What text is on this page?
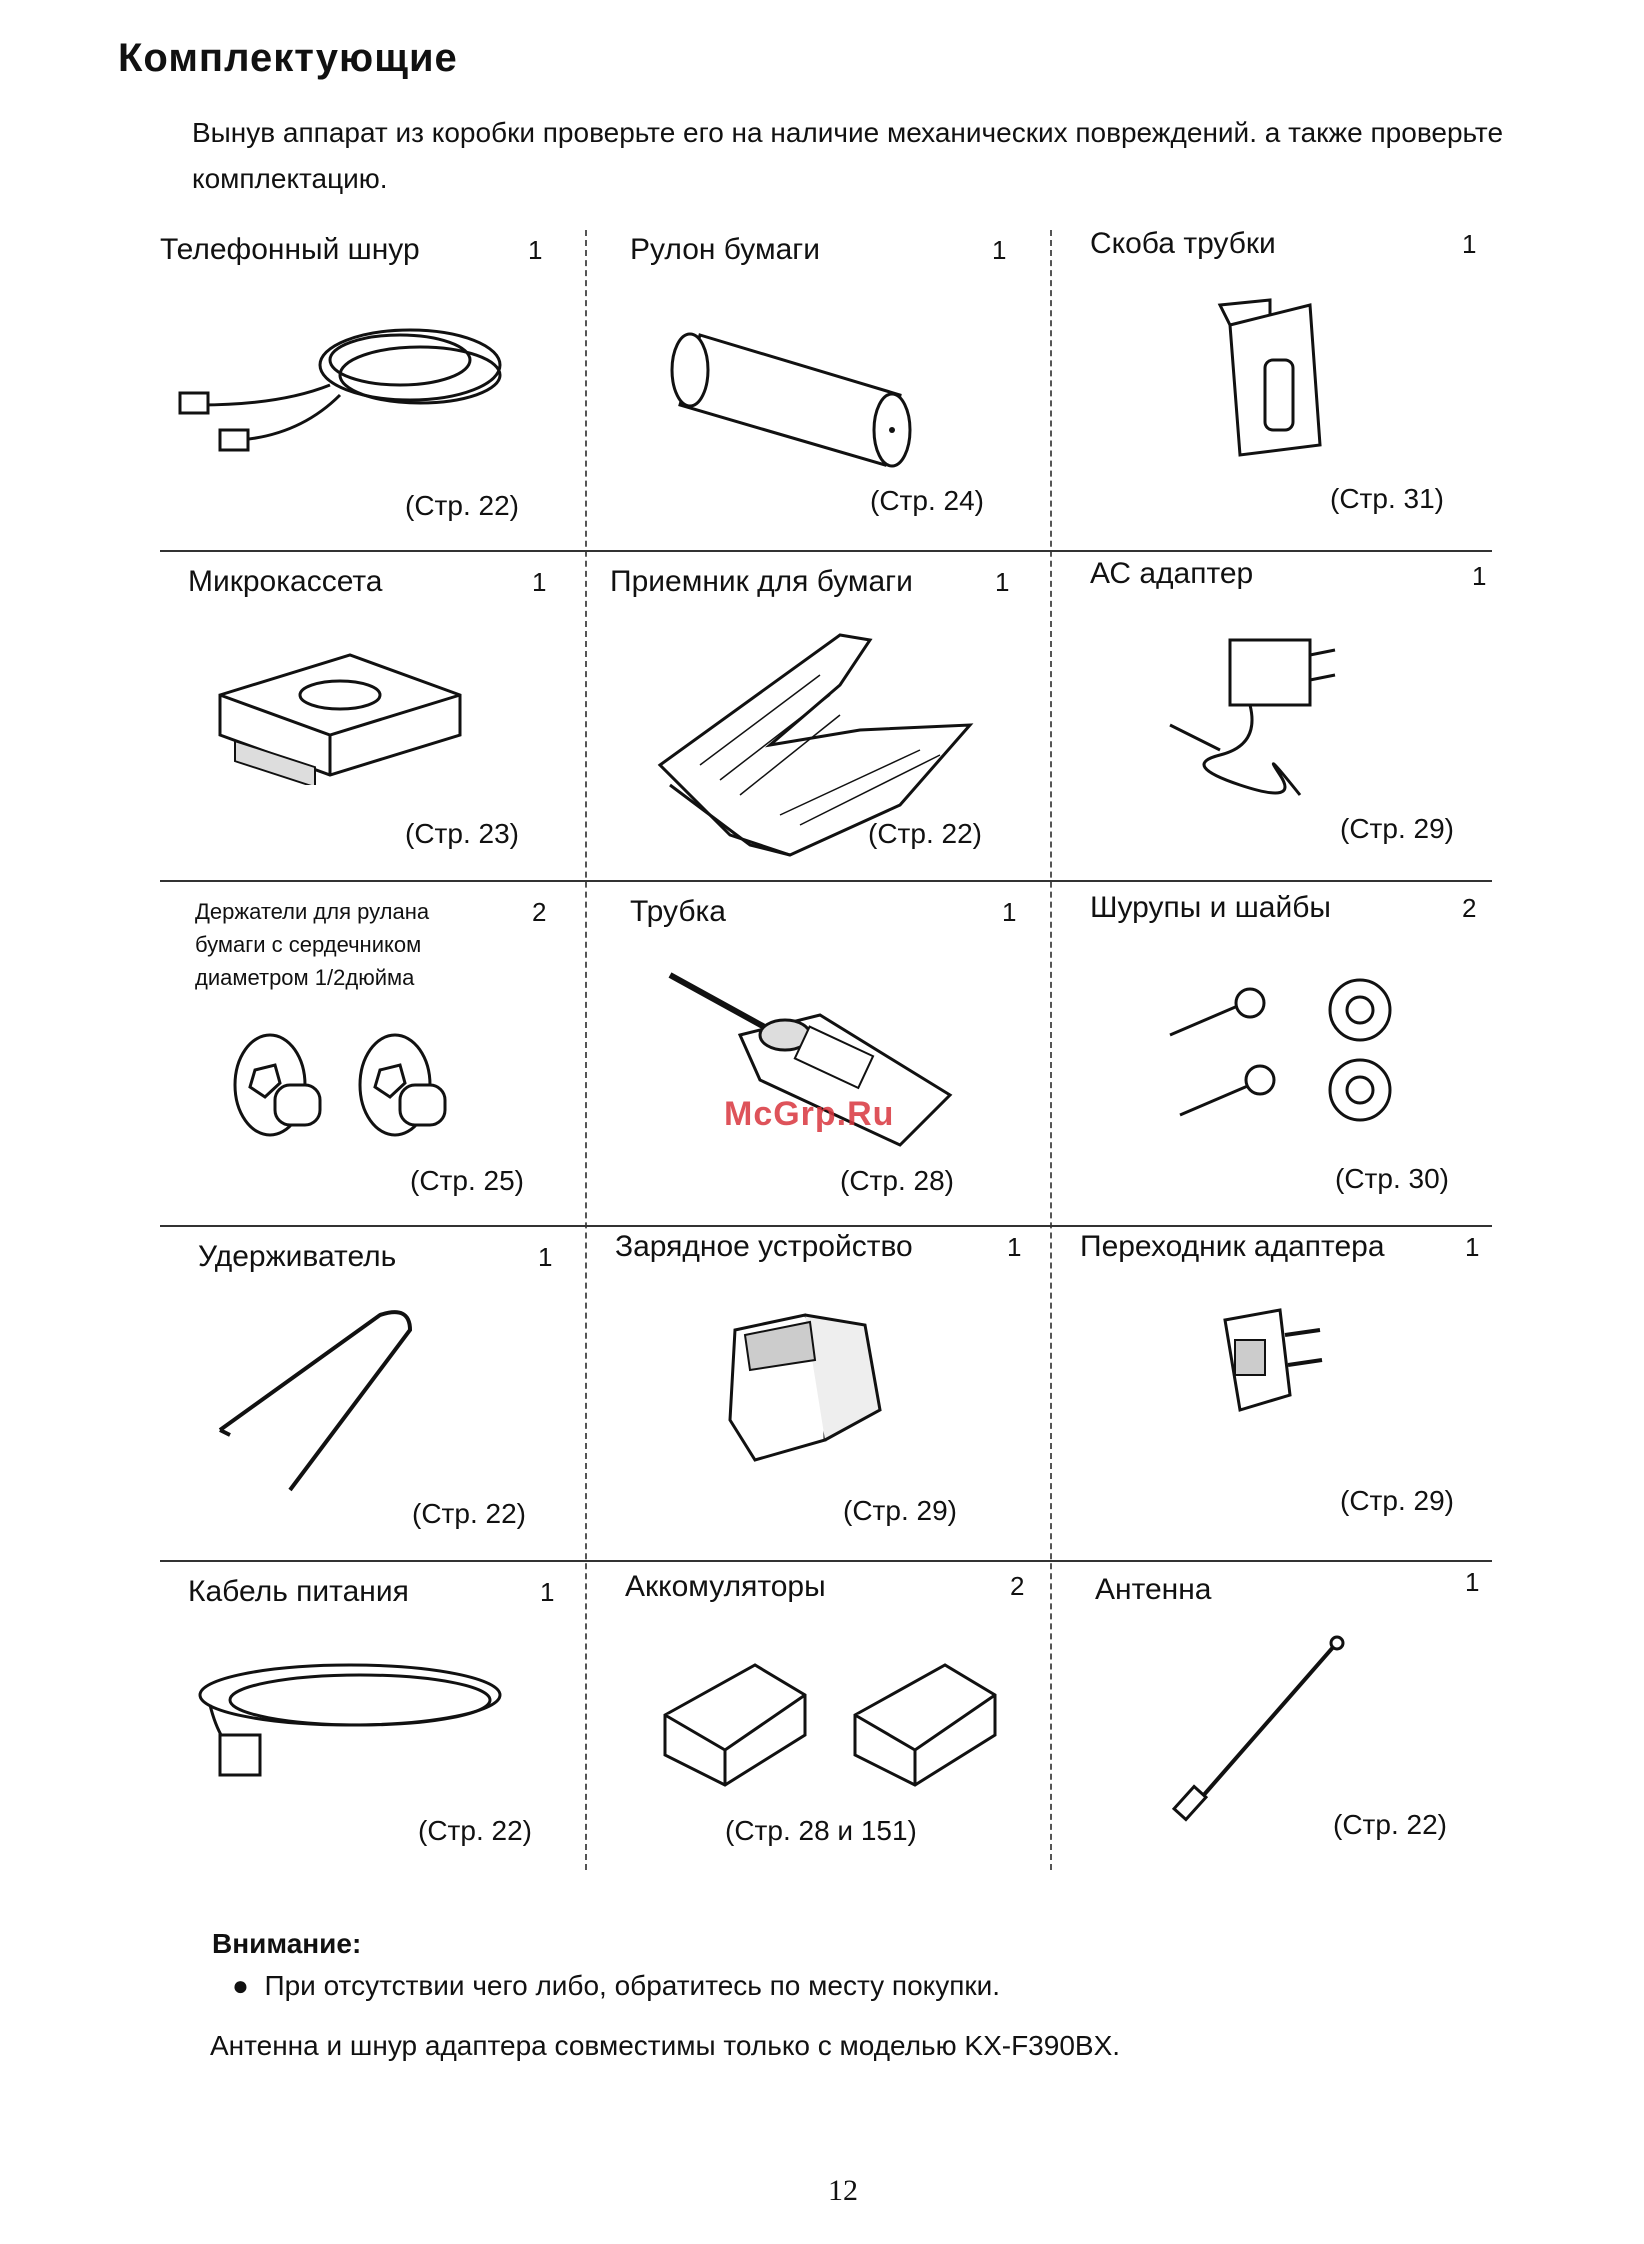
Комплектующие
Вынув аппарат из коробки проверьте его на наличие механических повреждений. а также проверьте комплектацию.
Телефонный шнур	1
(Стр. 22)
Рулон бумаги	1
(Стр. 24)
Скоба трубки	1
(Стр. 31)
Микрокассета	1
(Стр. 23)
Приемник для бумаги	1
(Стр. 22)
АС адаптер	1
(Стр. 29)
Держатели для рулана бумаги с сердечником диаметром 1/2дюйма
2
(Стр. 25)
Трубка	1
(Стр. 28)
Шурупы и шайбы	2
(Стр. 30)
Удерживатель	1
(Стр. 22)
Зарядное устройство	1
(Стр. 29)
Переходник адаптера	1
(Стр. 29)
Кабель питания	1
(Стр. 22)
Аккомуляторы	2
(Стр. 28 и 151)
Антенна	1
(Стр. 22)
McGrp.Ru
Внимание:
●  При отсутствии чего либо, обратитесь по месту покупки.
Антенна и шнур адаптера совместимы только с моделью KX-F390BX.
12
